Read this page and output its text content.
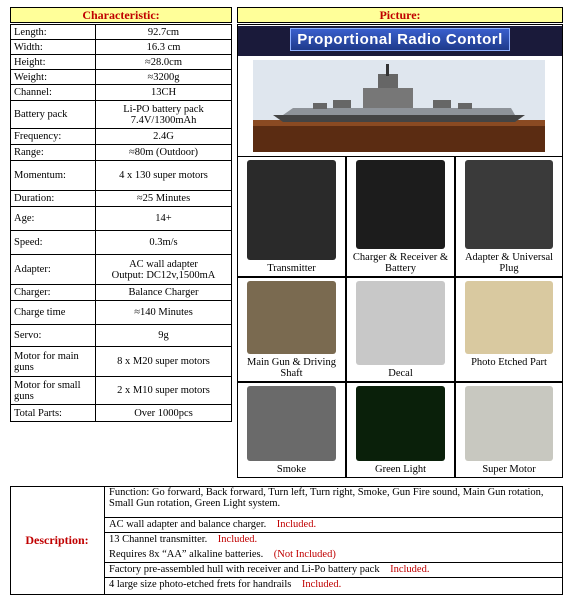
Characteristic:	Picture:
Length:	92.7cm
Width:	16.3 cm
Height:	≈28.0cm
Weight:	≈3200g
Channel:	13CH
Battery pack	Li-PO battery pack
7.4V/1300mAh
Frequency:	2.4G
Range:	≈80m (Outdoor)
Momentum:	4 x 130 super motors
Duration:	≈25 Minutes
Age:	14+
Speed:	0.3m/s
Adapter:	AC wall adapter
Output: DC12v,1500mA
Charger:	Balance Charger
Charge time	≈140 Minutes
Servo:	9g
Motor for main guns	8 x M20 super motors
Motor for small guns	2 x M10 super motors
Total Parts:	Over 1000pcs
Proportional Radio Contorl
Transmitter
Charger & Receiver & Battery
Adapter & Universal Plug
Main Gun & Driving Shaft	Decal
Photo Etched Part
Smoke	Green Light	Super Motor
Description:
Function: Go forward, Back forward, Turn left, Turn right, Smoke, Gun Fire sound, Main Gun rotation, Small Gun rotation, Green Light system.
AC wall adapter and balance charger.    Included.
13 Channel transmitter.    Included.
Requires 8x “AA” alkaline batteries.    (Not Included)
Factory pre-assembled hull with receiver and Li-Po battery pack    Included.
4 large size photo-etched frets for handrails    Included.
